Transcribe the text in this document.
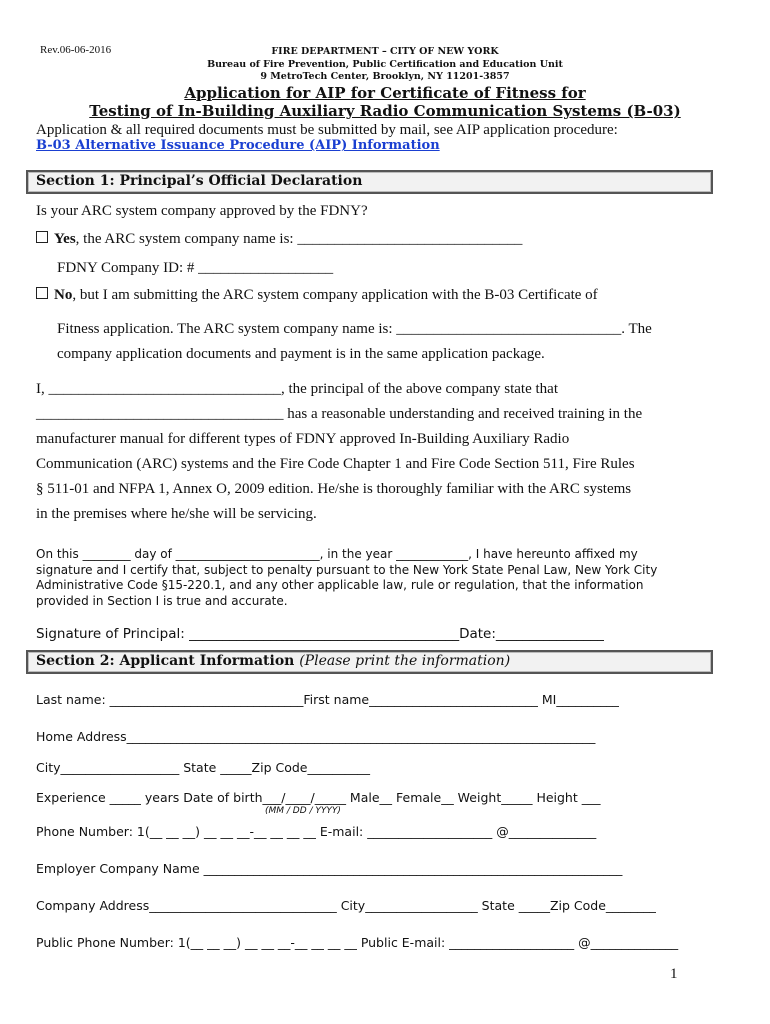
Rev.06-06-2016	FIRE DEPARTMENT – CITY OF NEW YORK
Bureau of Fire Prevention, Public Certification and Education Unit
9 MetroTech Center, Brooklyn, NY 11201-3857
Application for AIP for Certificate of Fitness for
Testing of In-Building Auxiliary Radio Communication Systems (B-03)
Application & all required documents must be submitted by mail, see AIP application procedure:
B-03 Alternative Issuance Procedure (AIP) Information
Section 1: Principal’s Official Declaration
Is your ARC system company approved by the FDNY?
Yes, the ARC system company name is: ______________________________
FDNY Company ID: # __________________
No, but I am submitting the ARC system company application with the B-03 Certificate of
Fitness application. The ARC system company name is: ______________________________. The
company application documents and payment is in the same application package.
I, _______________________________, the principal of the above company state that
_________________________________ has a reasonable understanding and received training in the
manufacturer manual for different types of FDNY approved In-Building Auxiliary Radio
Communication (ARC) systems and the Fire Code Chapter 1 and Fire Code Section 511, Fire Rules
§ 511-01 and NFPA 1, Annex O, 2009 edition. He/she is thoroughly familiar with the ARC systems
in the premises where he/she will be servicing.
On this ________ day of ________________________, in the year ____________, I have hereunto affixed my
signature and I certify that, subject to penalty pursuant to the New York State Penal Law, New York City
Administrative Code §15-220.1, and any other applicable law, rule or regulation, that the information
provided in Section I is true and accurate.
Signature of Principal: ________________________________________Date:________________
Section 2: Applicant Information (Please print the information)
Last name: _______________________________First name___________________________ MI__________
Home Address___________________________________________________________________________
City___________________ State _____Zip Code__________
Experience _____ years Date of birth___/____/_____ Male__ Female__ Weight_____ Height ___
(MM / DD / YYYY)
Phone Number: 1(__ __ __) __ __ __-__ __ __ __ E-mail: ____________________ @______________
Employer Company Name ___________________________________________________________________
Company Address______________________________ City__________________ State _____Zip Code________
Public Phone Number: 1(__ __ __) __ __ __-__ __ __ __ Public E-mail: ____________________ @______________
1
